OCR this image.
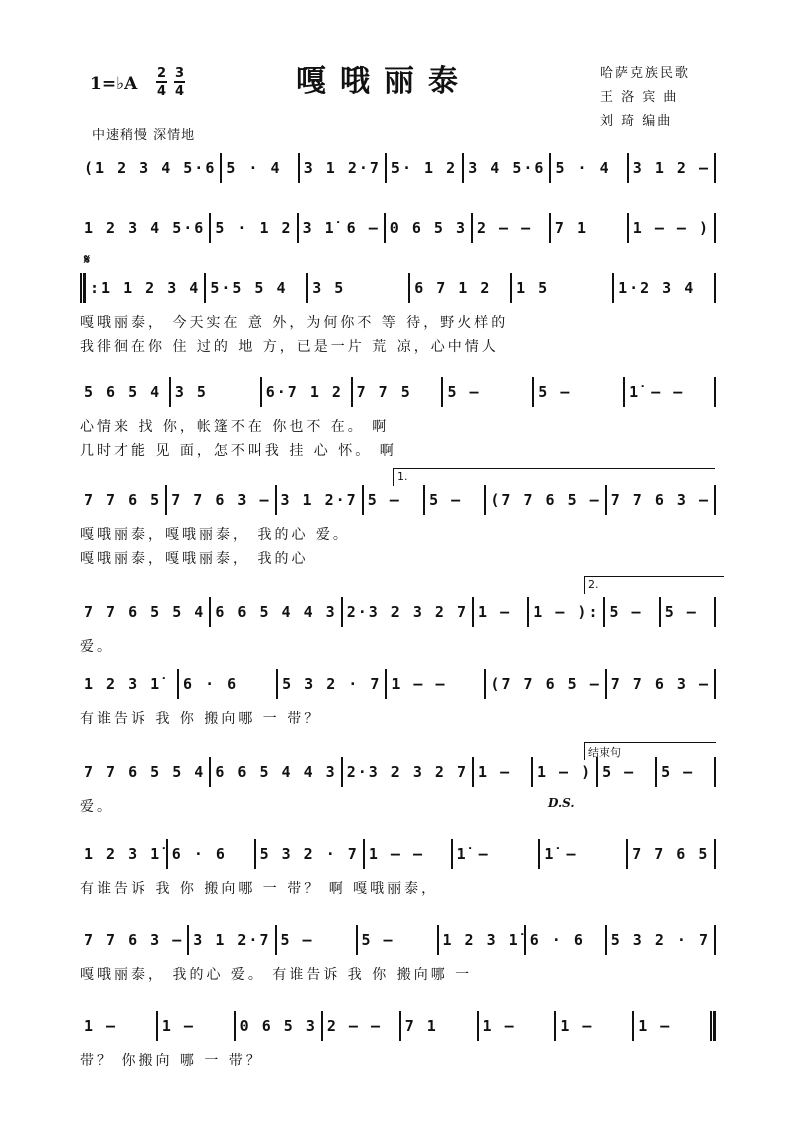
1=♭A
2
4
3
4	嘎哦丽泰	哈萨克族民歌
王 洛 宾 曲
刘 琦 编曲
中速稍慢 深情地
𝄋
D.S.
(1 2 3 4 5·6 5 · 4	3 1 2·7 5· 1 2 3 4 5·6 5 · 4	3 1 2 –
1 2 3 4 5·6 5 · 1 2 3 1̇ 6 – 0 6 5 3 2 – –	7 1	1 – – )
:1 1 2 3 4 5·5 5 4	3 5	6 7 1 2	1 5	1·2 3 4
嘎哦丽泰， 今天实在 意 外，为何你不 等 待，野火样的
我徘徊在你 住 过的 地 方，已是一片 荒 凉，心中情人
5 6 5 4 3 5	6·7 1 2 7 7 5	5 –	5 –	1̇ – –
心情来 找 你，帐篷不在 你也不 在。 啊
几时才能 见 面，怎不叫我 挂 心 怀。 啊
7 7 6 5 7 7 6 3 – 3 1 2·7 5 –	5 –	(7 7 6 5 – 7 7 6 3 –
嘎哦丽泰，嘎哦丽泰， 我的心 爱。
嘎哦丽泰，嘎哦丽泰， 我的心
7 7 6 5 5 4 6 6 5 4 4 3 2·3 2 3 2 7 1 –	1 – ): 5 –	5 –
爱。
1 2 3 1̇	6 · 6	5 3 2 · 7 1 – –	(7 7 6 5 – 7 7 6 3 –
有谁告诉 我 你 搬向哪 一 带？
7 7 6 5 5 4 6 6 5 4 4 3 2·3 2 3 2 7 1 –	1 – ) 5 –	5 –
爱。
1 2 3 1̇ 6 · 6	5 3 2 · 7 1 – –	1̇ –	1̇ –	7 7 6 5
有谁告诉 我 你 搬向哪 一 带？ 啊 嘎哦丽泰，
7 7 6 3 – 3 1 2·7 5 –	5 –	1 2 3 1̇ 6 · 6	5 3 2 · 7
嘎哦丽泰， 我的心 爱。 有谁告诉 我 你 搬向哪 一
1 –	1 –	0 6 5 3 2 – –	7 1	1 –	1 –	1 –
带？ 你搬向 哪 一 带？
1.
2.
结束句
